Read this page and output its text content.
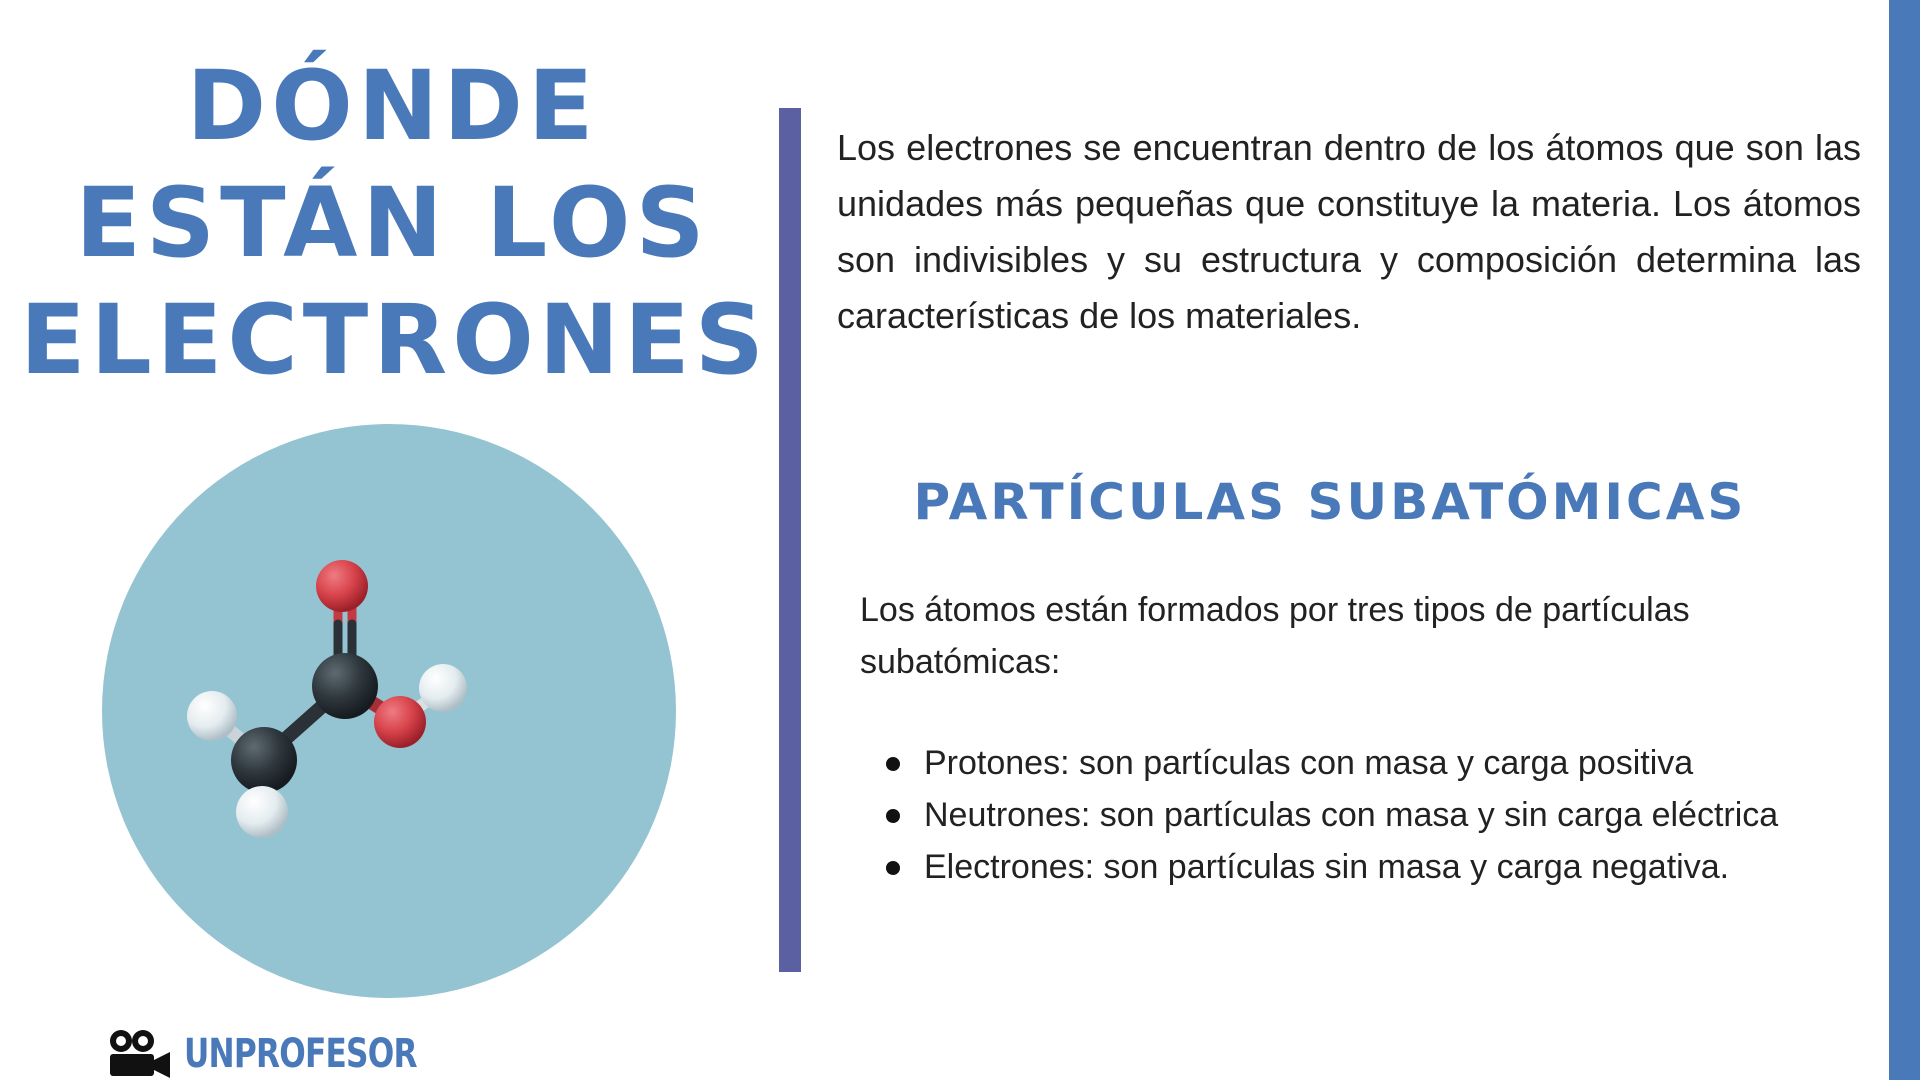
DÓNDE
ESTÁN LOS
ELECTRONES

Los electrones se encuentran dentro de los átomos que son las unidades más pequeñas que constituye la materia. Los átomos son indivisibles y su estructura y composición determina las características de los materiales.

PARTÍCULAS SUBATÓMICAS

Los átomos están formados por tres tipos de partículas subatómicas:

Protones: son partículas con masa y carga positiva
Neutrones: son partículas con masa y sin carga eléctrica
Electrones: son partículas sin masa y carga negativa.
UNPROFESOR
